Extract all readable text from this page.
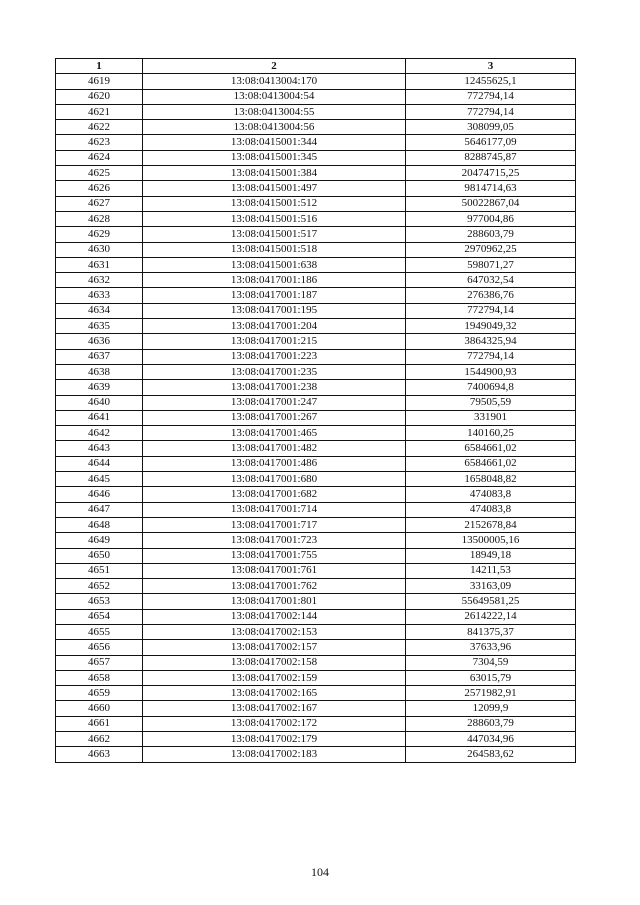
1	2	3
4619	13:08:0413004:170	12455625,1
4620	13:08:0413004:54	772794,14
4621	13:08:0413004:55	772794,14
4622	13:08:0413004:56	308099,05
4623	13:08:0415001:344	5646177,09
4624	13:08:0415001:345	8288745,87
4625	13:08:0415001:384	20474715,25
4626	13:08:0415001:497	9814714,63
4627	13:08:0415001:512	50022867,04
4628	13:08:0415001:516	977004,86
4629	13:08:0415001:517	288603,79
4630	13:08:0415001:518	2970962,25
4631	13:08:0415001:638	598071,27
4632	13:08:0417001:186	647032,54
4633	13:08:0417001:187	276386,76
4634	13:08:0417001:195	772794,14
4635	13:08:0417001:204	1949049,32
4636	13:08:0417001:215	3864325,94
4637	13:08:0417001:223	772794,14
4638	13:08:0417001:235	1544900,93
4639	13:08:0417001:238	7400694,8
4640	13:08:0417001:247	79505,59
4641	13:08:0417001:267	331901
4642	13:08:0417001:465	140160,25
4643	13:08:0417001:482	6584661,02
4644	13:08:0417001:486	6584661,02
4645	13:08:0417001:680	1658048,82
4646	13:08:0417001:682	474083,8
4647	13:08:0417001:714	474083,8
4648	13:08:0417001:717	2152678,84
4649	13:08:0417001:723	13500005,16
4650	13:08:0417001:755	18949,18
4651	13:08:0417001:761	14211,53
4652	13:08:0417001:762	33163,09
4653	13:08:0417001:801	55649581,25
4654	13:08:0417002:144	2614222,14
4655	13:08:0417002:153	841375,37
4656	13:08:0417002:157	37633,96
4657	13:08:0417002:158	7304,59
4658	13:08:0417002:159	63015,79
4659	13:08:0417002:165	2571982,91
4660	13:08:0417002:167	12099,9
4661	13:08:0417002:172	288603,79
4662	13:08:0417002:179	447034,96
4663	13:08:0417002:183	264583,62
104
